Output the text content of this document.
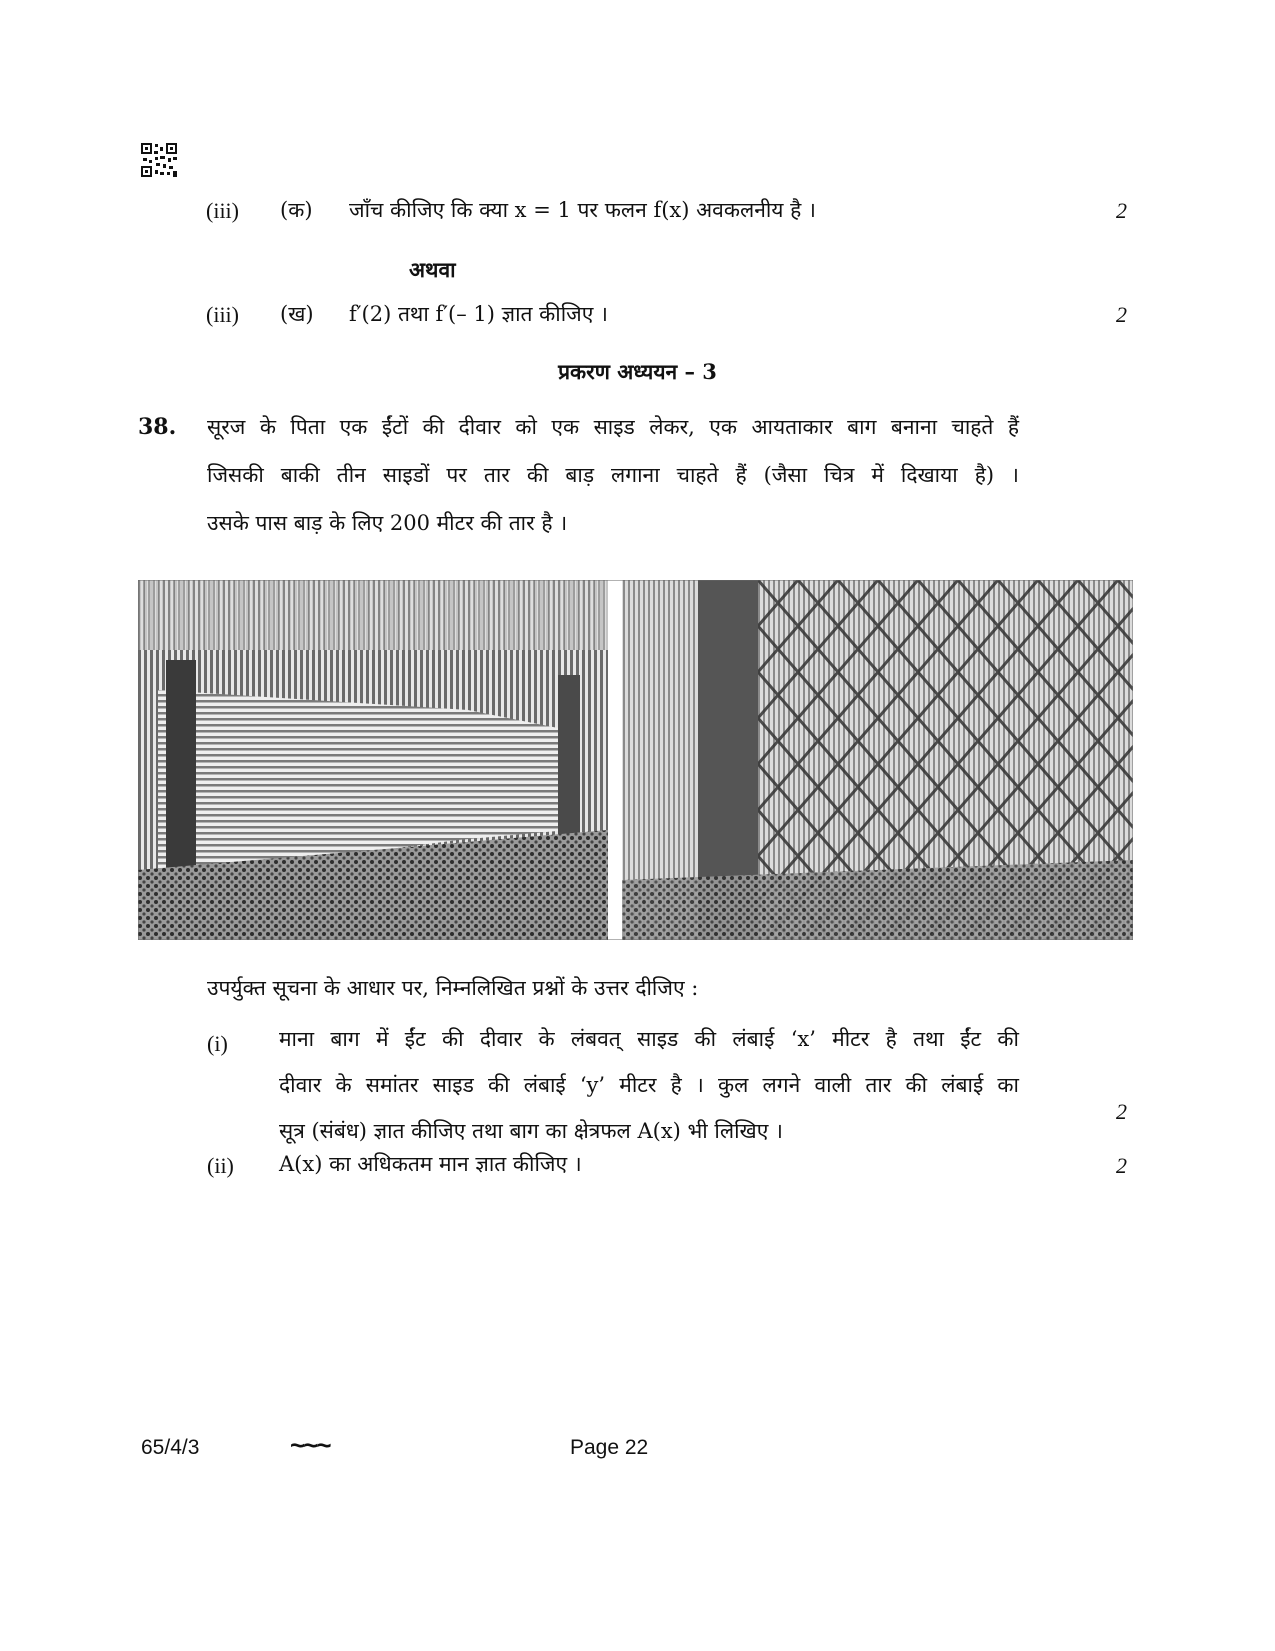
(iii) (क) जाँच कीजिए कि क्या x = 1 पर फलन f(x) अवकलनीय है ।	2
अथवा
(iii) (ख) f′(2) तथा f′(– 1) ज्ञात कीजिए ।	2
प्रकरण अध्ययन – 3
38. सूरज के पिता एक ईंटों की दीवार को एक साइड लेकर, एक आयताकार बाग बनाना चाहते हैं
जिसकी बाकी तीन साइडों पर तार की बाड़ लगाना चाहते हैं (जैसा चित्र में दिखाया है) ।
उसके पास बाड़ के लिए 200 मीटर की तार है ।
उपर्युक्त सूचना के आधार पर, निम्नलिखित प्रश्नों के उत्तर दीजिए :
(i) माना बाग में ईंट की दीवार के लंबवत् साइड की लंबाई ‘x’ मीटर है तथा ईंट की
दीवार के समांतर साइड की लंबाई ‘y’ मीटर है । कुल लगने वाली तार की लंबाई का
सूत्र (संबंध) ज्ञात कीजिए तथा बाग का क्षेत्रफल A(x) भी लिखिए ।
2
(ii) A(x) का अधिकतम मान ज्ञात कीजिए ।	2
65/4/3	~~~	Page 22
